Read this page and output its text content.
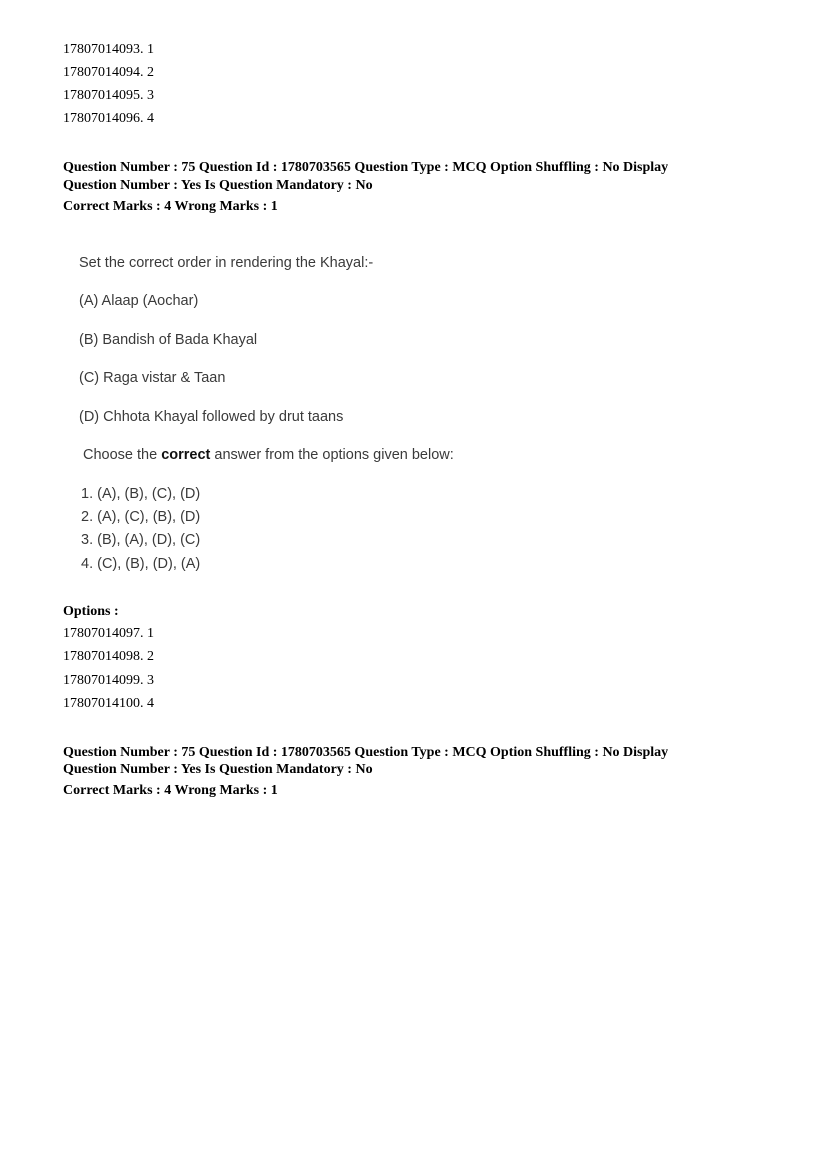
17807014093. 1
17807014094. 2
17807014095. 3
17807014096. 4
Question Number : 75 Question Id : 1780703565 Question Type : MCQ Option Shuffling : No Display
Question Number : Yes Is Question Mandatory : No
Correct Marks : 4 Wrong Marks : 1
Set the correct order in rendering the Khayal:-
(A) Alaap (Aochar)
(B) Bandish of Bada Khayal
(C) Raga vistar & Taan
(D) Chhota Khayal followed by drut taans
Choose the correct answer from the options given below:
1. (A), (B), (C), (D)
2. (A), (C), (B), (D)
3. (B), (A), (D), (C)
4. (C), (B), (D), (A)
Options :
17807014097. 1
17807014098. 2
17807014099. 3
17807014100. 4
Question Number : 75 Question Id : 1780703565 Question Type : MCQ Option Shuffling : No Display
Question Number : Yes Is Question Mandatory : No
Correct Marks : 4 Wrong Marks : 1
